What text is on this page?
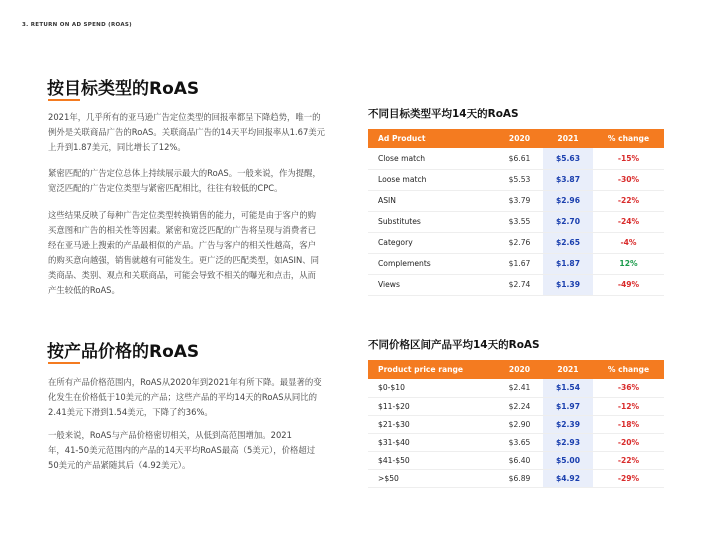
3. RETURN ON AD SPEND (ROAS)
按目标类型的RoAS
2021年，几乎所有的亚马逊广告定位类型的回报率都呈下降趋势，唯一的
例外是关联商品广告的RoAS。关联商品广告的14天平均回报率从1.67美元
上升到1.87美元，同比增长了12%。
紧密匹配的广告定位总体上持续展示最大的RoAS。一般来说，作为提醒，
宽泛匹配的广告定位类型与紧密匹配相比，往往有较低的CPC。
这些结果反映了每种广告定位类型转换销售的能力，可能是由于客户的购
买意图和广告的相关性等因素。紧密和宽泛匹配的广告将呈现与消费者已
经在亚马逊上搜索的产品最相似的产品。广告与客户的相关性越高，客户
的购买意向越强，销售就越有可能发生。更广泛的匹配类型，如ASIN、同
类商品、类别、观点和关联商品，可能会导致不相关的曝光和点击，从而
产生较低的RoAS。
不同目标类型平均14天的RoAS
Ad Product	2020	2021	% change
Close match	$6.61	$5.63	-15%
Loose match	$5.53	$3.87	-30%
ASIN	$3.79	$2.96	-22%
Substitutes	$3.55	$2.70	-24%
Category	$2.76	$2.65	-4%
Complements	$1.67	$1.87	12%
Views	$2.74	$1.39	-49%
按产品价格的RoAS
在所有产品价格范围内，RoAS从2020年到2021年有所下降。最显著的变
化发生在价格低于10美元的产品；这些产品的平均14天的RoAS从同比的
2.41美元下滑到1.54美元，下降了约36%。
一般来说，RoAS与产品价格密切相关，从低到高范围增加。2021
年，41-50美元范围内的产品的14天平均RoAS最高（5美元），价格超过
50美元的产品紧随其后（4.92美元）。
不同价格区间产品平均14天的RoAS
Product price range	2020	2021	% change
$0-$10	$2.41	$1.54	-36%
$11-$20	$2.24	$1.97	-12%
$21-$30	$2.90	$2.39	-18%
$31-$40	$3.65	$2.93	-20%
$41-$50	$6.40	$5.00	-22%
>$50	$6.89	$4.92	-29%
